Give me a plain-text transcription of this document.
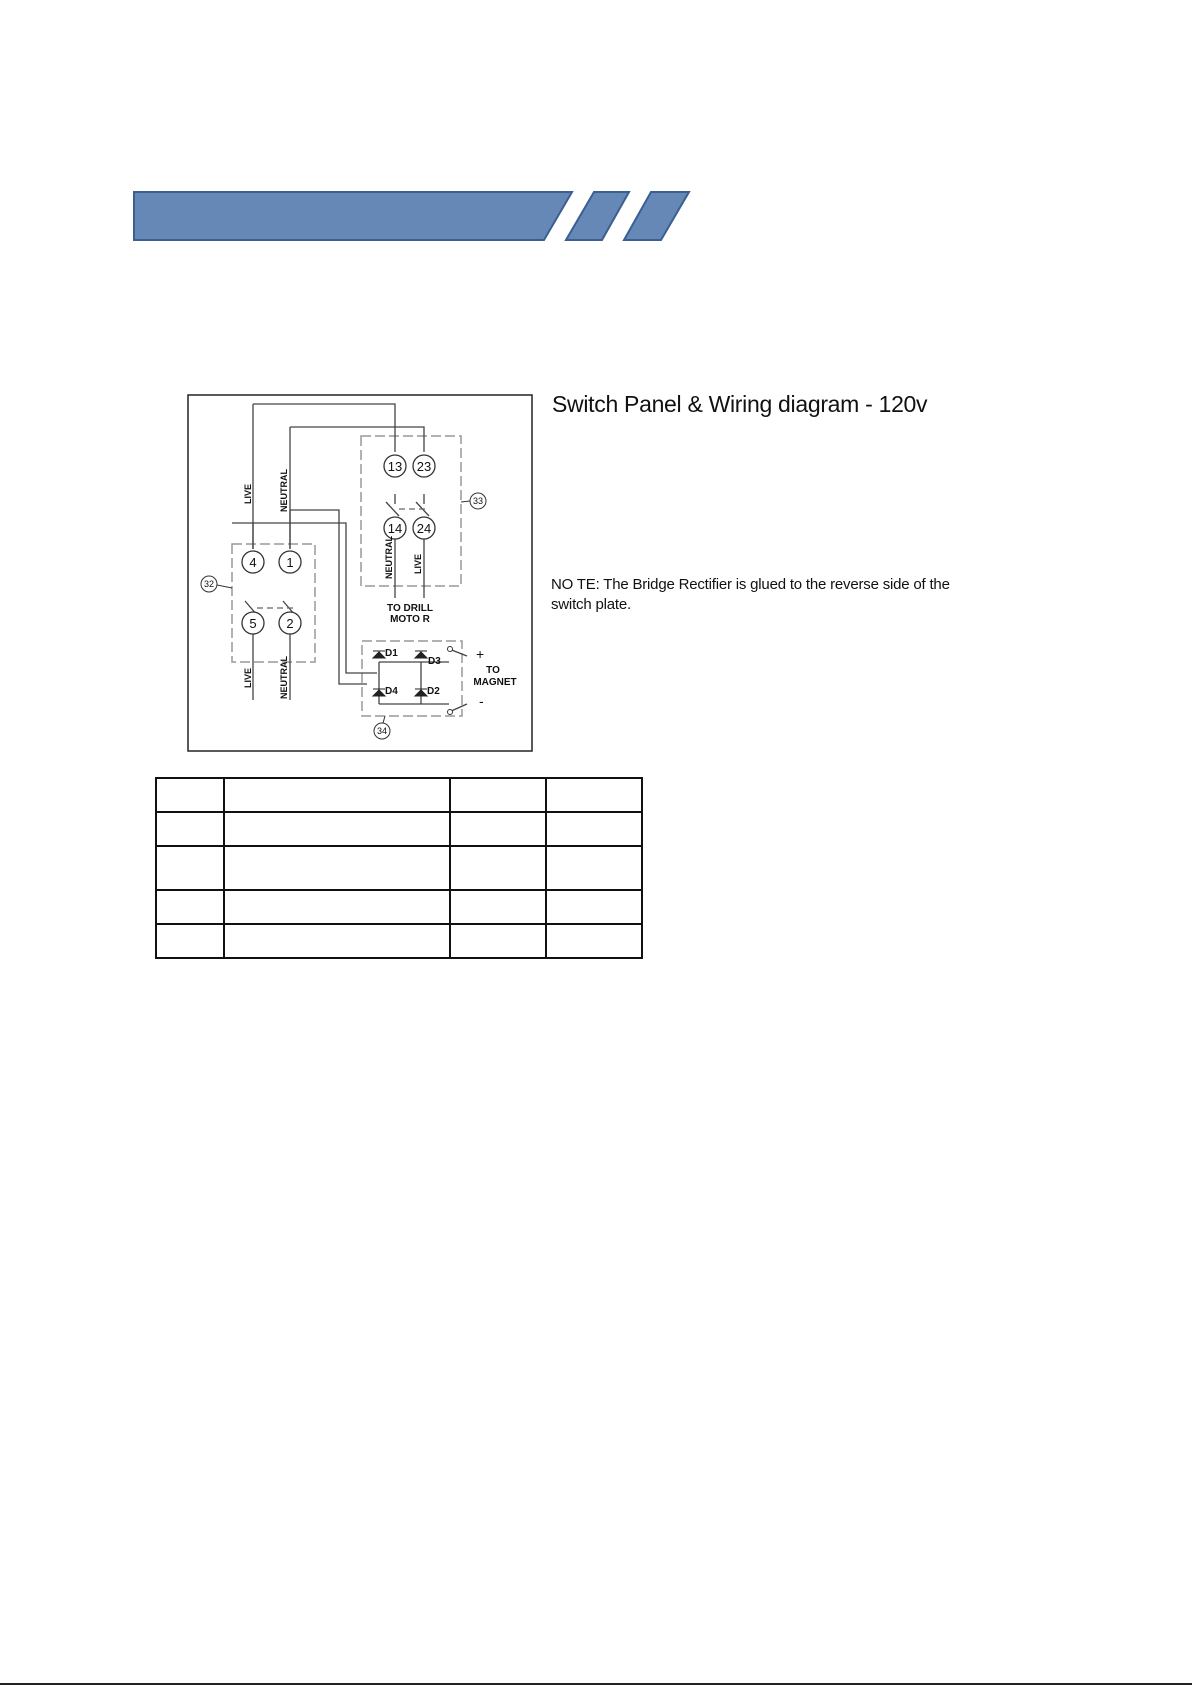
13 23
14 24
4 1
5 2
LIVE	NEUTRAL
NEUTRAL LIVE
LIVE	NEUTRAL
TO DRILL
MOTO R
TO
MAGNET
+
-
D1
D3
D4	D2
33
32
34
Switch Panel & Wiring diagram - 120v
NO TE: The Bridge Rectifier is glued to the reverse side of the switch plate.
